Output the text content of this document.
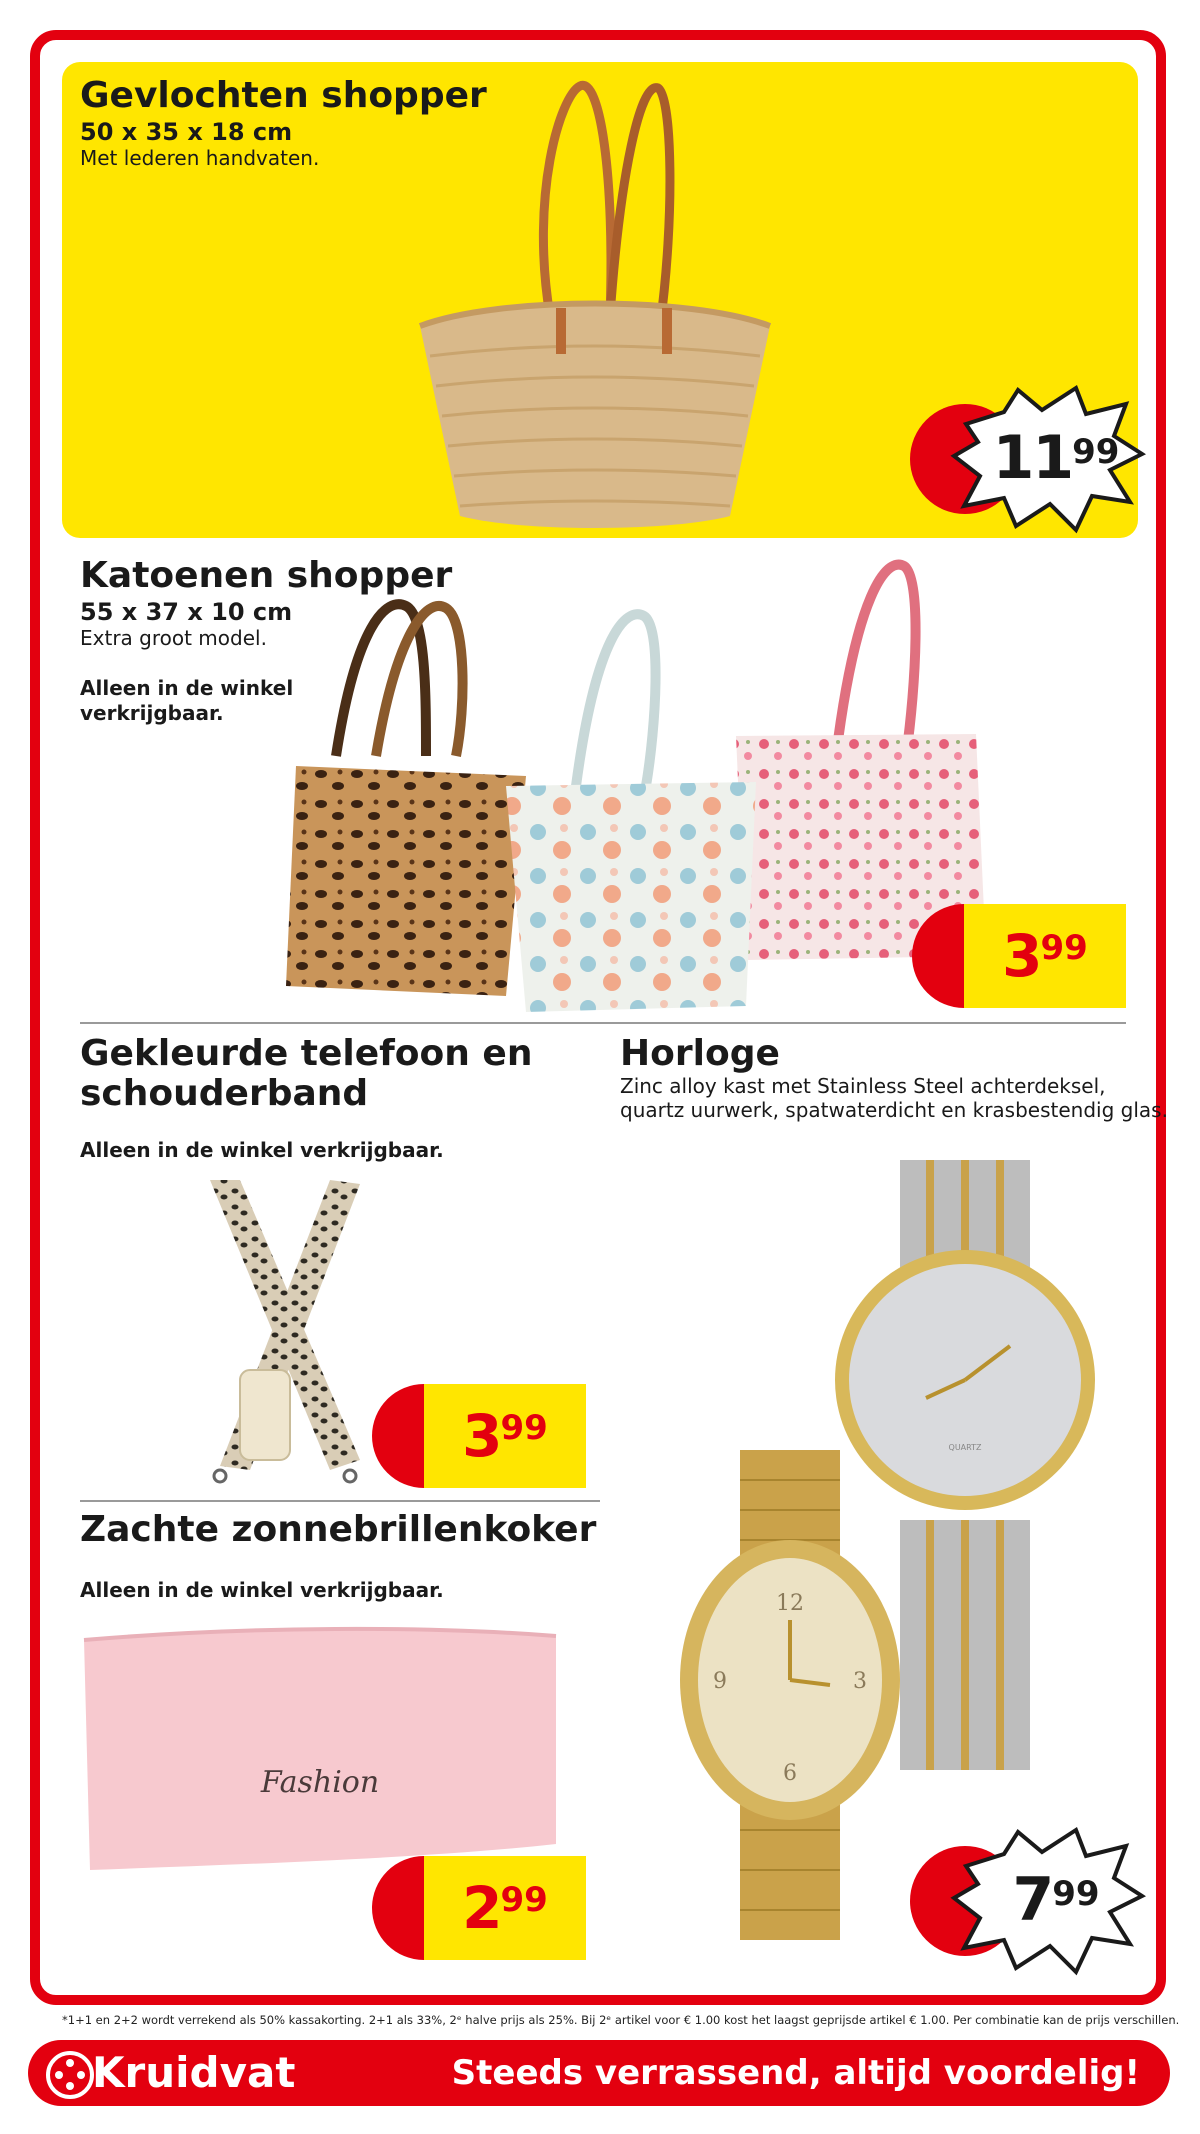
Gevlochten shopper
50 x 35 x 18 cm
Met lederen handvaten.
$11^{99}$
Katoenen shopper
55 x 37 x 10 cm
Extra groot model.
Alleen in de winkel
verkrijgbaar.
$3^{99}$
Gekleurde telefoon en
schouderband
Alleen in de winkel verkrijgbaar.
$3^{99}$
Horloge
Zinc alloy kast met Stainless Steel achterdeksel,
quartz uurwerk, spatwaterdicht en krasbestendig glas.
QUARTZ
12
3
6
9
$7^{99}$
Zachte zonnebrillenkoker
Alleen in de winkel verkrijgbaar.
Fashion
$2^{99}$
*1+1 en 2+2 wordt verrekend als 50% kassakorting. 2+1 als 33%, 2ᵉ halve prijs als 25%. Bij 2ᵉ artikel voor € 1.00 kost het laagst geprijsde artikel € 1.00. Per combinatie kan de prijs verschillen.
Kruidvat	Steeds verrassend, altijd voordelig!
